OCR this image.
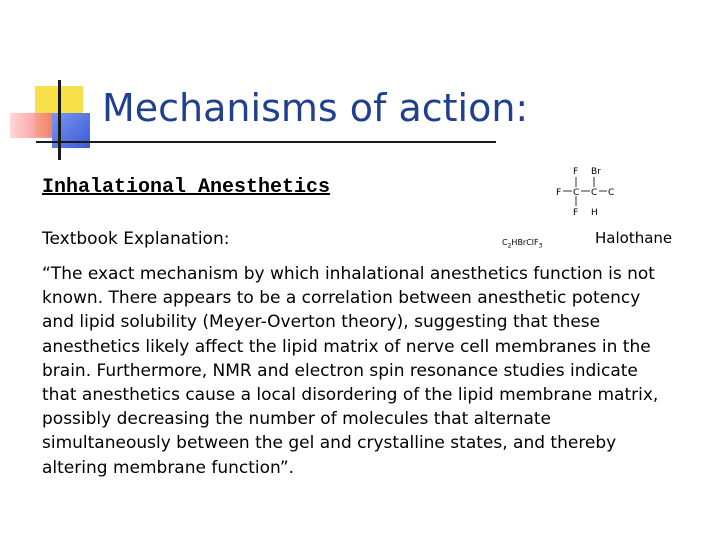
Mechanisms of action:
Inhalational Anesthetics
F Br
F C C C
F H
$C_2HBrClF_3$	Halothane
Textbook Explanation:
“The exact mechanism by which inhalational anesthetics function is not known. There appears to be a correlation between anesthetic potency and lipid solubility (Meyer-Overton theory), suggesting that these anesthetics likely affect the lipid matrix of nerve cell membranes in the brain. Furthermore, NMR and electron spin resonance studies indicate that anesthetics cause a local disordering of the lipid membrane matrix, possibly decreasing the number of molecules that alternate simultaneously between the gel and crystalline states, and thereby altering membrane function”.
